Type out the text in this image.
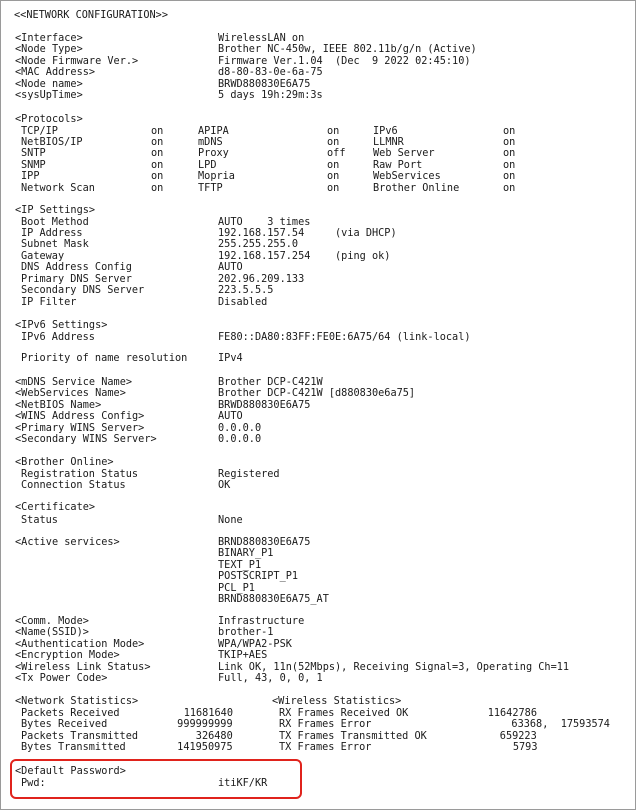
<<NETWORK CONFIGURATION>>
<Interface>	WirelessLAN on
<Node Type>	Brother NC-450w, IEEE 802.11b/g/n (Active)
<Node Firmware Ver.>	Firmware Ver.1.04  (Dec  9 2022 02:45:10)
<MAC Address>	d8-80-83-0e-6a-75
<Node name>	BRWD880830E6A75
<sysUpTime>	5 days 19h:29m:3s
<Protocols>
TCP/IP	on	APIPA	on	IPv6	on
NetBIOS/IP	on	mDNS	on	LLMNR	on
SNTP	on	Proxy	off	Web Server	on
SNMP	on	LPD	on	Raw Port	on
IPP	on	Mopria	on	WebServices	on
Network Scan	on	TFTP	on	Brother Online	on
<IP Settings>
Boot Method	AUTO    3 times
IP Address	192.168.157.54     (via DHCP)
Subnet Mask	255.255.255.0
Gateway	192.168.157.254    (ping ok)
DNS Address Config	AUTO
Primary DNS Server	202.96.209.133
Secondary DNS Server	223.5.5.5
IP Filter	Disabled
<IPv6 Settings>
IPv6 Address	FE80::DA80:83FF:FE0E:6A75/64 (link-local)
Priority of name resolution	IPv4
<mDNS Service Name>	Brother DCP-C421W
<WebServices Name>	Brother DCP-C421W [d880830e6a75]
<NetBIOS Name>	BRWD880830E6A75
<WINS Address Config>	AUTO
<Primary WINS Server>	0.0.0.0
<Secondary WINS Server>	0.0.0.0
<Brother Online>
Registration Status	Registered
Connection Status	OK
<Certificate>
Status	None
<Active services>	BRND880830E6A75
BINARY_P1
TEXT_P1
POSTSCRIPT_P1
PCL_P1
BRND880830E6A75_AT
<Comm. Mode>	Infrastructure
<Name(SSID)>	brother-1
<Authentication Mode>	WPA/WPA2-PSK
<Encryption Mode>	TKIP+AES
<Wireless Link Status>	Link OK, 11n(52Mbps), Receiving Signal=3, Operating Ch=11
<Tx Power Code>	Full, 43, 0, 0, 1
<Network Statistics>	<Wireless Statistics>
Packets Received	11681640	RX Frames Received OK	11642786
Bytes Received	999999999	RX Frames Error	63368,  17593574
Packets Transmitted	326480	TX Frames Transmitted OK	659223
Bytes Transmitted	141950975	TX Frames Error	5793
<Default Password>
Pwd:	itiKF/KR
